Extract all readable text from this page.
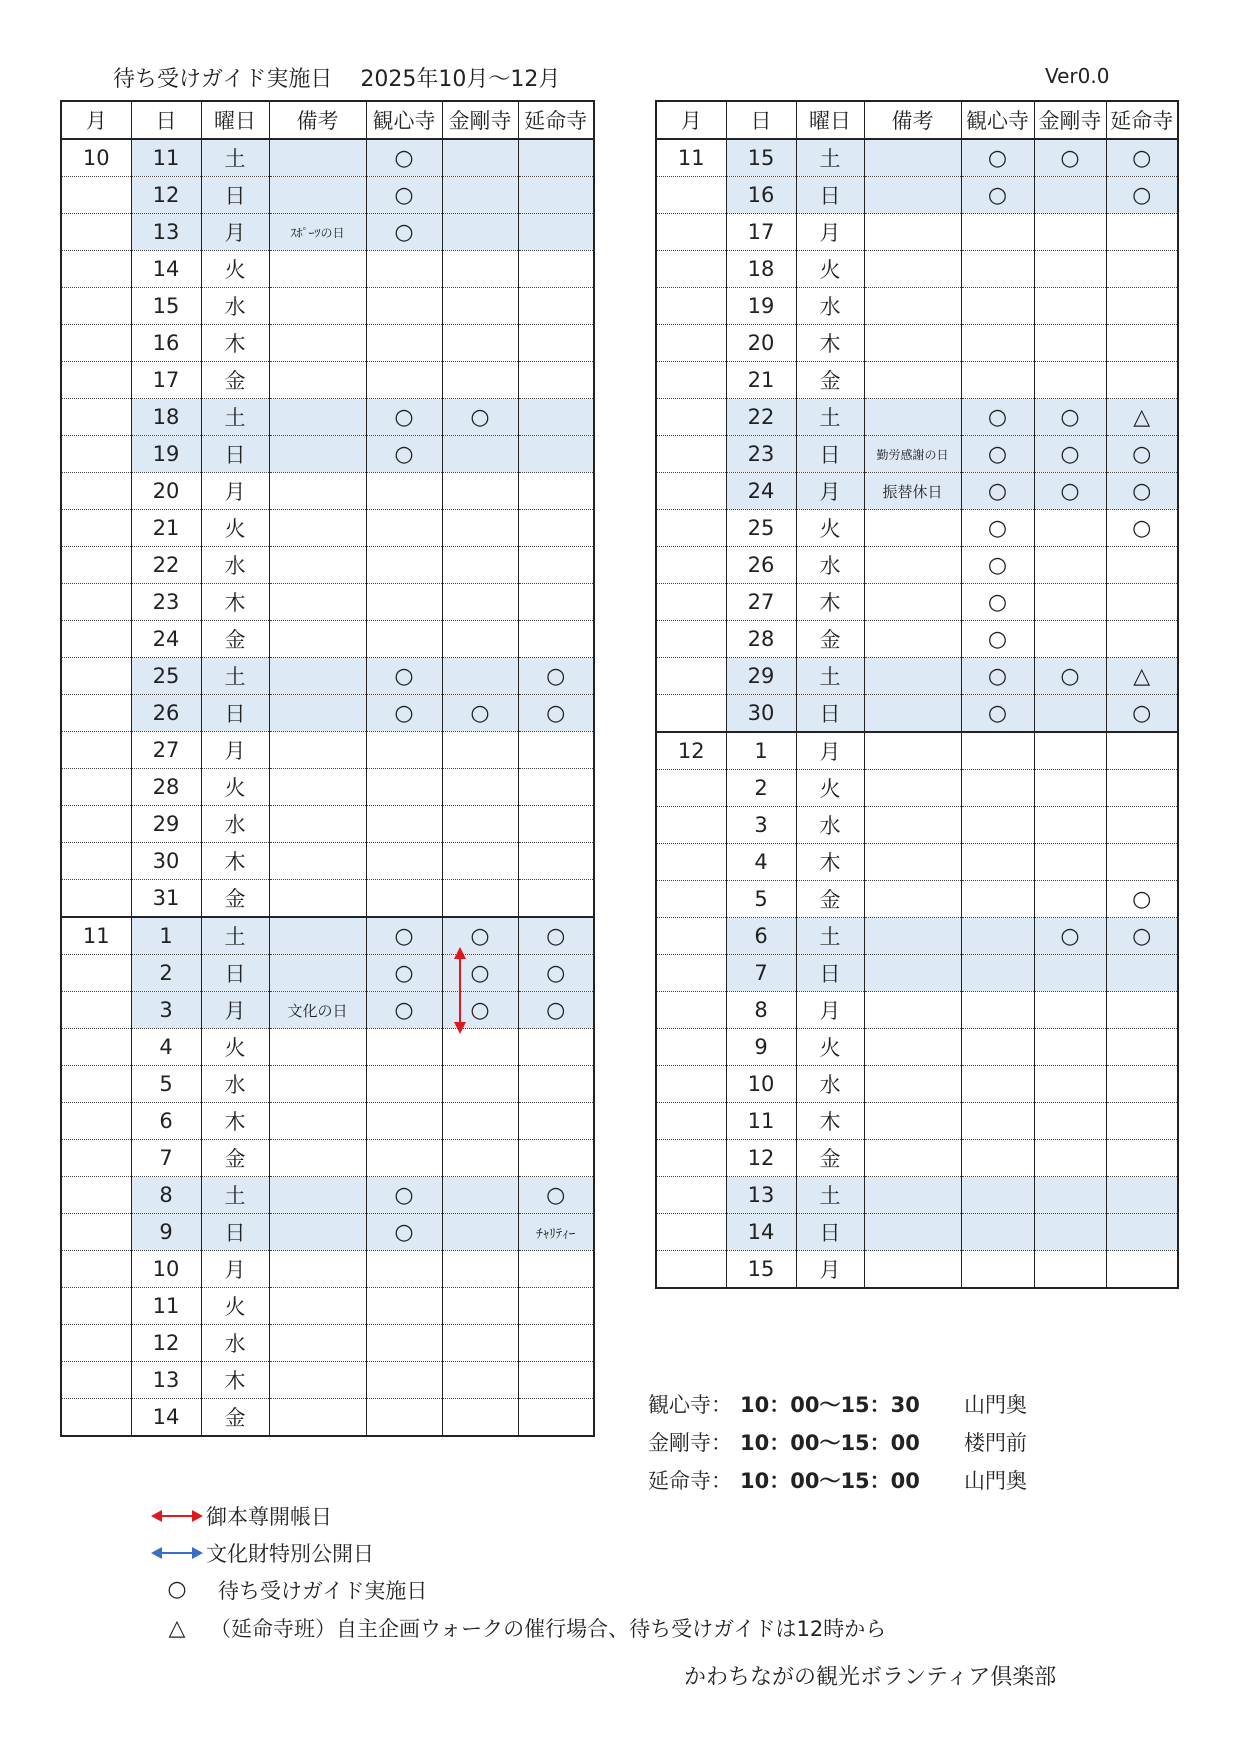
待ち受けガイド実施日 2025年10月～12月	Ver0.0
月	日	曜日	備考	観心寺	金剛寺	延命寺
10	11	土		○		
	12	日		○		
	13	月	ｽﾎﾟｰﾂの日	○		
	14	火				
	15	水				
	16	木				
	17	金				
	18	土		○	○	
	19	日		○		
	20	月				
	21	火				
	22	水				
	23	木				
	24	金				
	25	土		○		○
	26	日		○	○	○
	27	月				
	28	火				
	29	水				
	30	木				
	31	金				
11	1	土		○	○	○
	2	日		○	○	○
	3	月	文化の日	○	○	○
	4	火				
	5	水				
	6	木				
	7	金				
	8	土		○		○
	9	日		○		ﾁｬﾘﾃｨｰ
	10	月				
	11	火				
	12	水				
	13	木				
	14	金				
月	日	曜日	備考	観心寺	金剛寺	延命寺
11	15	土		○	○	○
	16	日		○		○
	17	月				
	18	火				
	19	水				
	20	木				
	21	金				
	22	土		○	○	△
	23	日	勤労感謝の日	○	○	○
	24	月	振替休日	○	○	○
	25	火		○		○
	26	水		○		
	27	木		○		
	28	金		○		
	29	土		○	○	△
	30	日		○		○
12	1	月				
	2	火				
	3	水				
	4	木				
	5	金				○
	6	土			○	○
	7	日				
	8	月				
	9	火				
	10	水				
	11	木				
	12	金				
	13	土				
	14	日				
	15	月				
観心寺： 10：00～15：30	山門奥
金剛寺： 10：00～15：00	楼門前
延命寺： 10：00～15：00	山門奥
御本尊開帳日
文化財特別公開日
○	待ち受けガイド実施日
△	（延命寺班）自主企画ウォークの催行場合、待ち受けガイドは12時から
かわちながの観光ボランティア倶楽部
